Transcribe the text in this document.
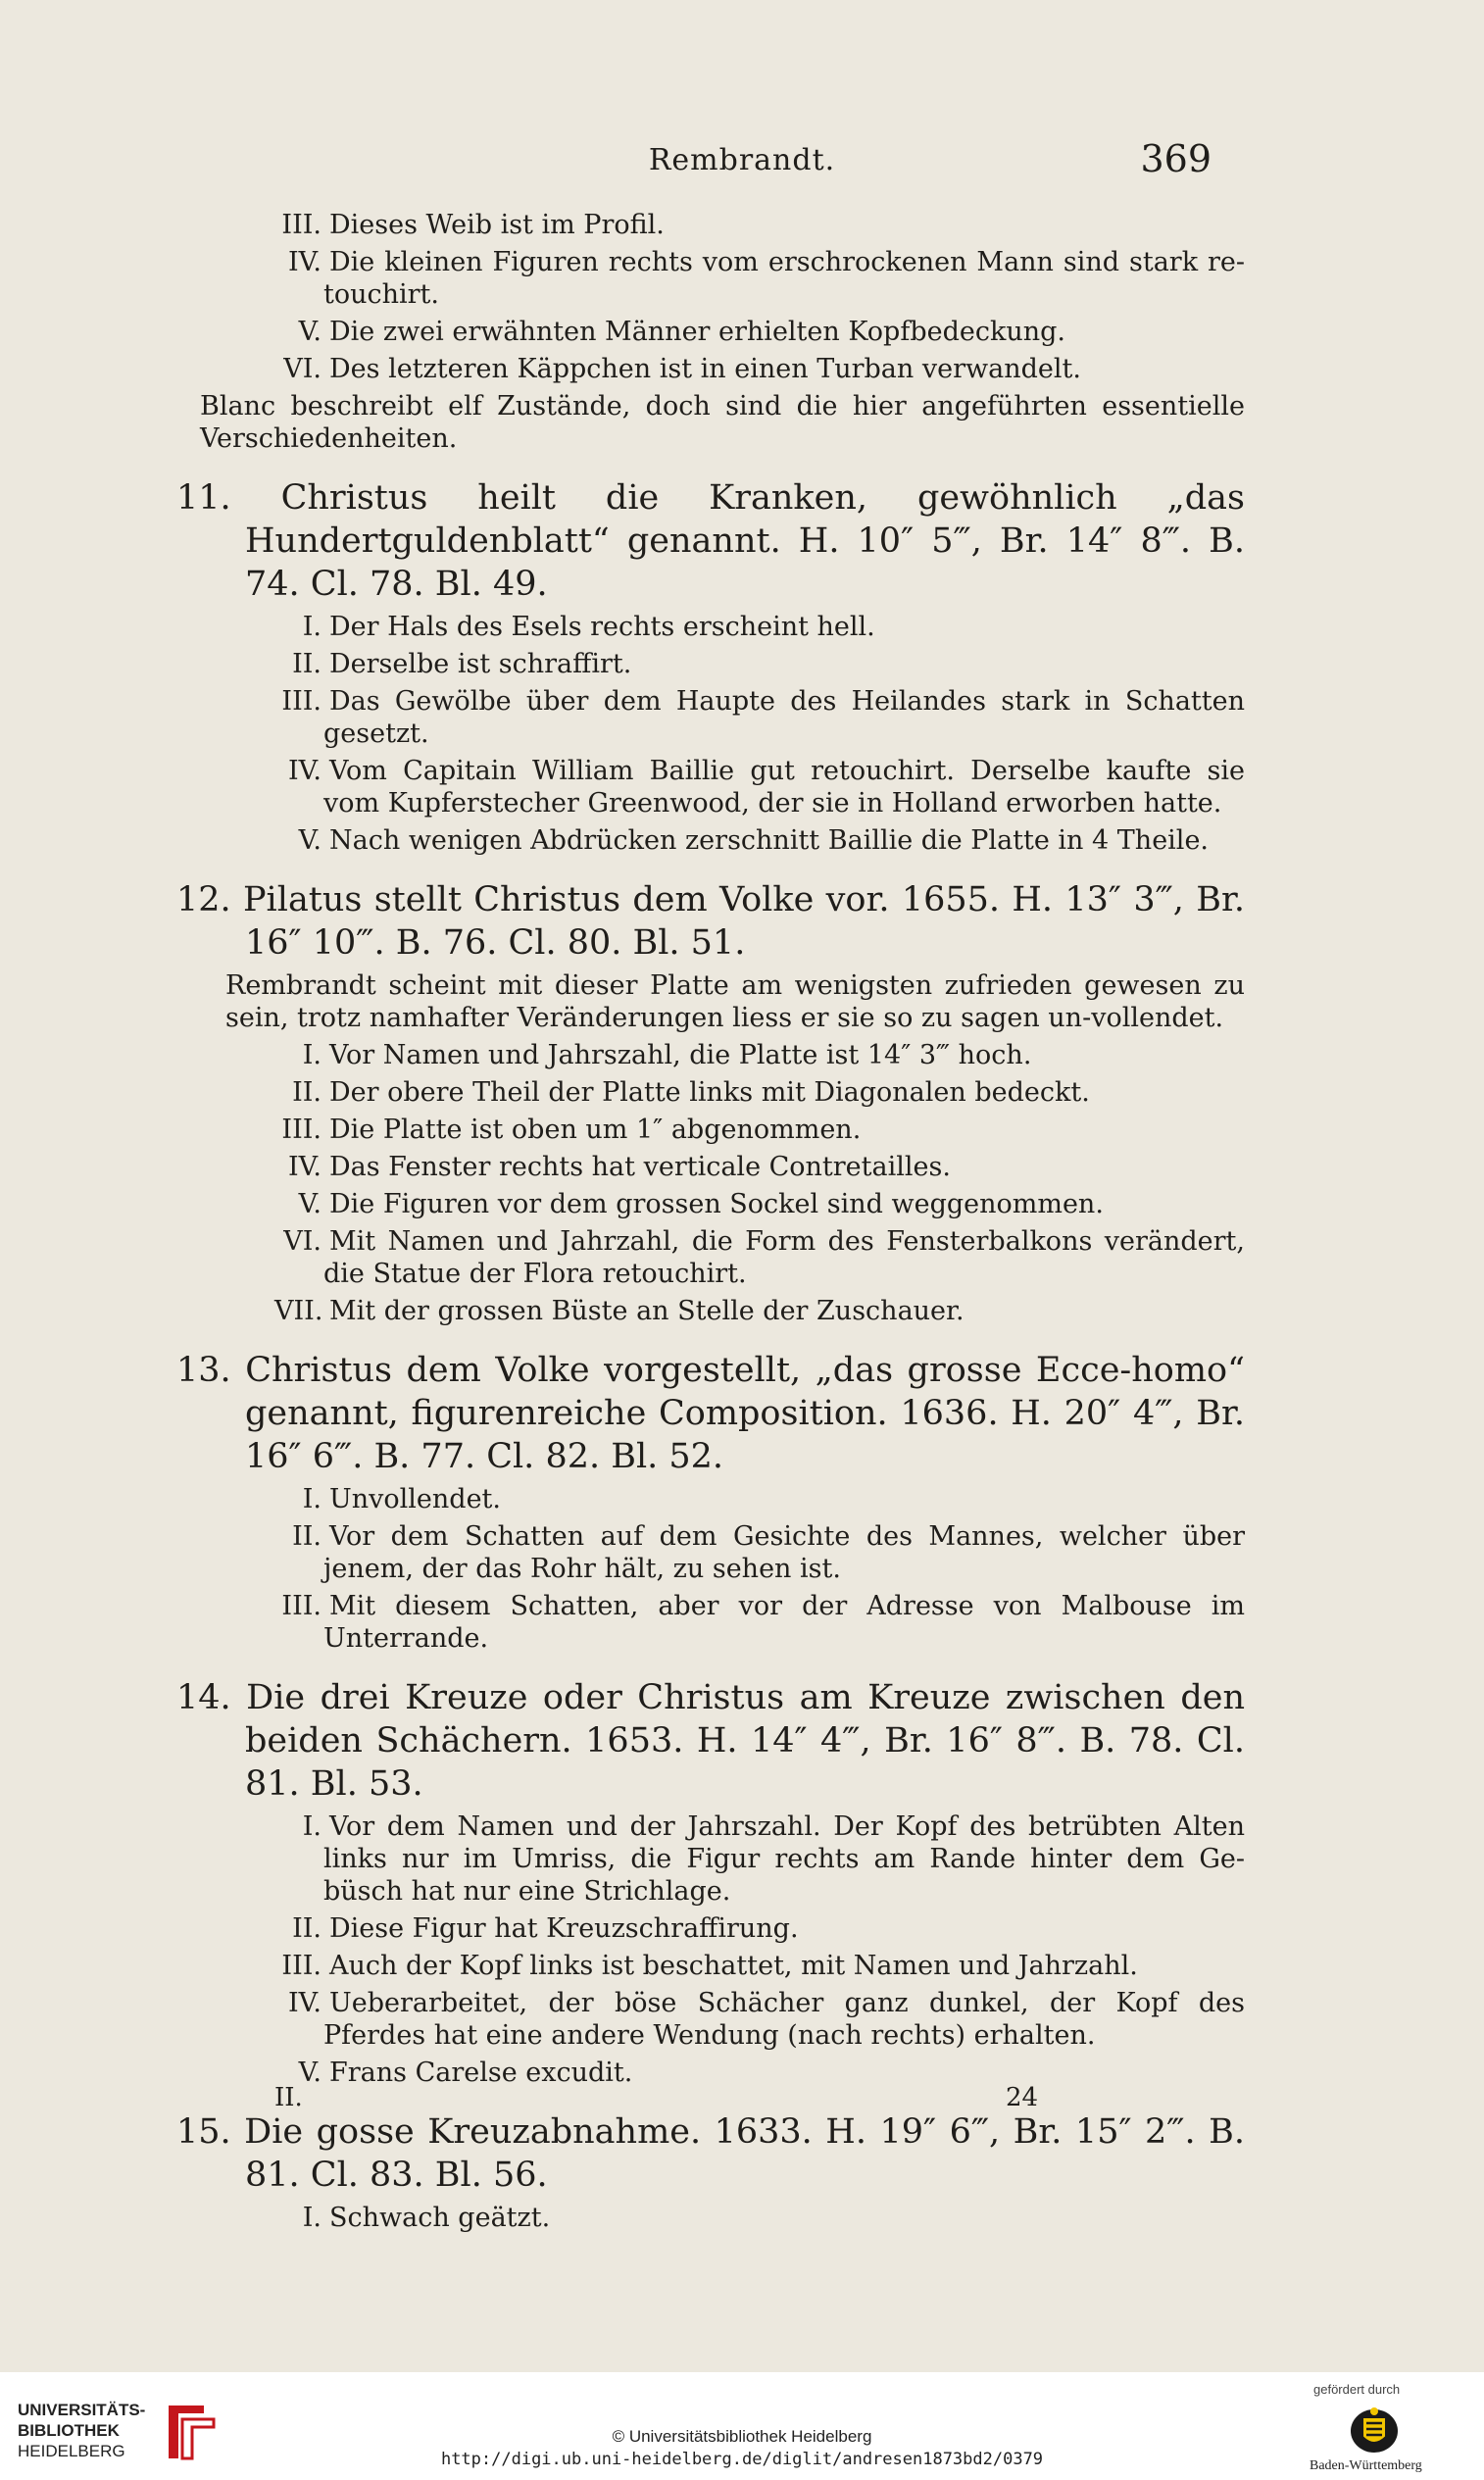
Rembrandt.	369
III. Dieses Weib ist im Profil.
IV. Die kleinen Figuren rechts vom erschrockenen Mann sind stark re-touchirt.
V. Die zwei erwähnten Männer erhielten Kopfbedeckung.
VI. Des letzteren Käppchen ist in einen Turban verwandelt.
Blanc beschreibt elf Zustände, doch sind die hier angeführten essentielle Verschiedenheiten.
11. Christus heilt die Kranken, gewöhnlich „das Hundertguldenblatt“ genannt. H. 10″ 5‴, Br. 14″ 8‴. B. 74. Cl. 78. Bl. 49.
I. Der Hals des Esels rechts erscheint hell.
II. Derselbe ist schraffirt.
III. Das Gewölbe über dem Haupte des Heilandes stark in Schatten gesetzt.
IV. Vom Capitain William Baillie gut retouchirt. Derselbe kaufte sie vom Kupferstecher Greenwood, der sie in Holland erworben hatte.
V. Nach wenigen Abdrücken zerschnitt Baillie die Platte in 4 Theile.
12. Pilatus stellt Christus dem Volke vor. 1655. H. 13″ 3‴, Br. 16″ 10‴. B. 76. Cl. 80. Bl. 51.
Rembrandt scheint mit dieser Platte am wenigsten zufrieden gewesen zu sein, trotz namhafter Veränderungen liess er sie so zu sagen un-vollendet.
I. Vor Namen und Jahrszahl, die Platte ist 14″ 3‴ hoch.
II. Der obere Theil der Platte links mit Diagonalen bedeckt.
III. Die Platte ist oben um 1″ abgenommen.
IV. Das Fenster rechts hat verticale Contretailles.
V. Die Figuren vor dem grossen Sockel sind weggenommen.
VI. Mit Namen und Jahrzahl, die Form des Fensterbalkons verändert, die Statue der Flora retouchirt.
VII. Mit der grossen Büste an Stelle der Zuschauer.
13. Christus dem Volke vorgestellt, „das grosse Ecce-homo“ genannt, figurenreiche Composition. 1636. H. 20″ 4‴, Br. 16″ 6‴. B. 77. Cl. 82. Bl. 52.
I. Unvollendet.
II. Vor dem Schatten auf dem Gesichte des Mannes, welcher über jenem, der das Rohr hält, zu sehen ist.
III. Mit diesem Schatten, aber vor der Adresse von Malbouse im Unterrande.
14. Die drei Kreuze oder Christus am Kreuze zwischen den beiden Schächern. 1653. H. 14″ 4‴, Br. 16″ 8‴. B. 78. Cl. 81. Bl. 53.
I. Vor dem Namen und der Jahrszahl. Der Kopf des betrübten Alten links nur im Umriss, die Figur rechts am Rande hinter dem Ge-büsch hat nur eine Strichlage.
II. Diese Figur hat Kreuzschraffirung.
III. Auch der Kopf links ist beschattet, mit Namen und Jahrzahl.
IV. Ueberarbeitet, der böse Schächer ganz dunkel, der Kopf des Pferdes hat eine andere Wendung (nach rechts) erhalten.
V. Frans Carelse excudit.
15. Die gosse Kreuzabnahme. 1633. H. 19″ 6‴, Br. 15″ 2‴. B. 81. Cl. 83. Bl. 56.
I. Schwach geätzt.
II.	24
UNIVERSITÄTS-
BIBLIOTHEK
HEIDELBERG
© Universitätsbibliothek Heidelberg
http://digi.ub.uni-heidelberg.de/diglit/andresen1873bd2/0379
gefördert durch
Baden-Württemberg
